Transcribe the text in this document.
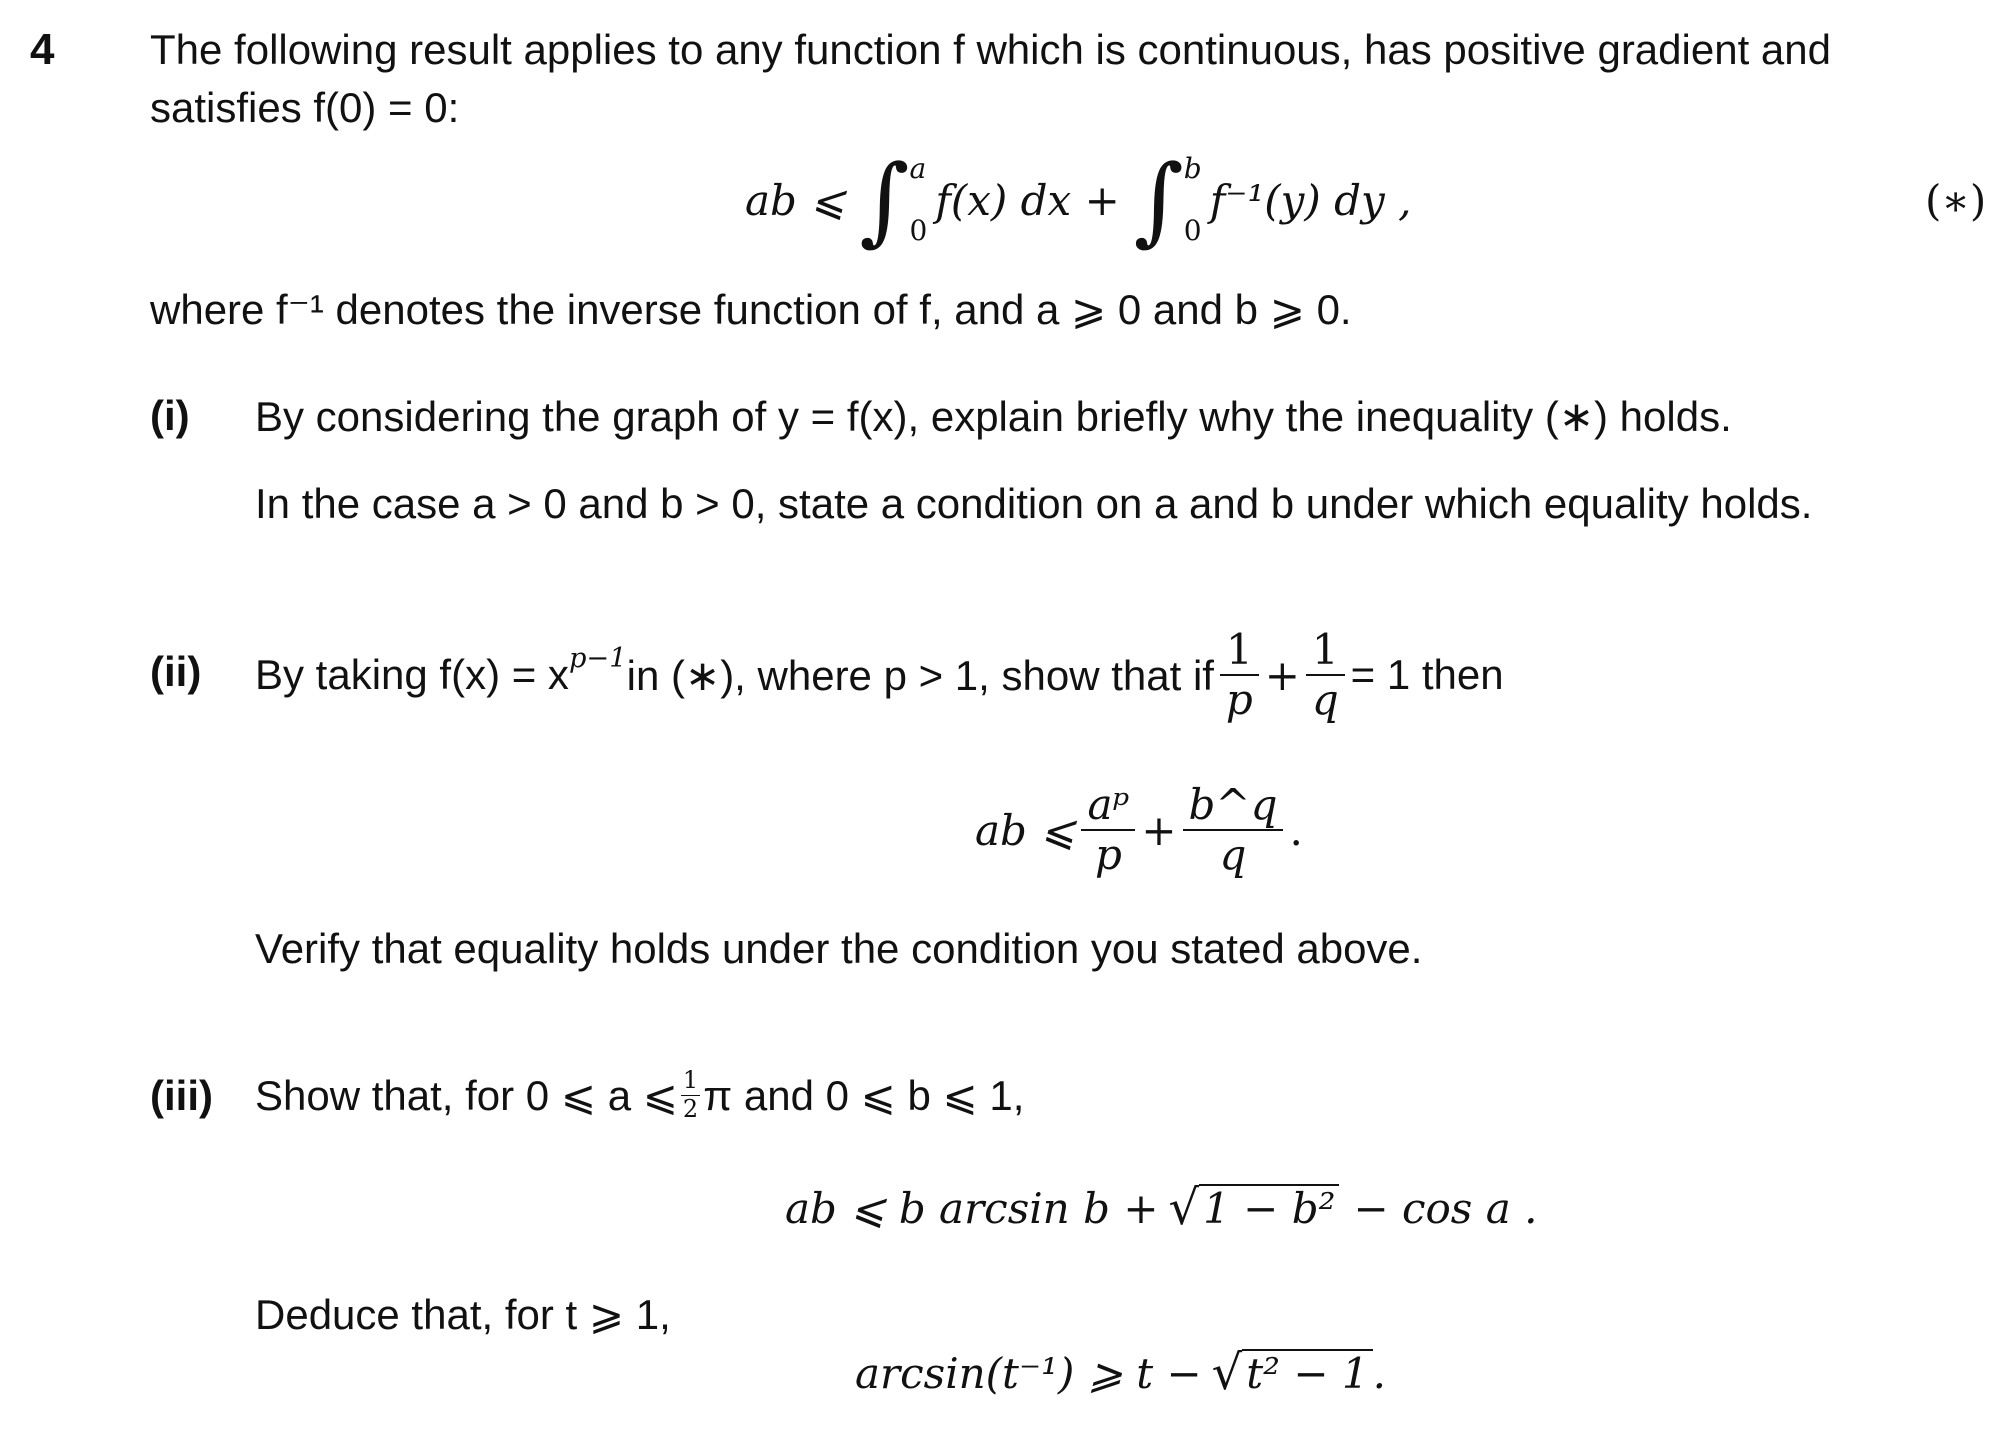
4 The following result applies to any function f which is continuous, has positive gradient and
satisfies f(0) = 0:
ab ⩽ ∫ a
0
f(x) dx + ∫ b
0
f⁻¹(y) dy ,	(∗)
where f⁻¹ denotes the inverse function of f, and a ⩾ 0 and b ⩾ 0.
(i) By considering the graph of y = f(x), explain briefly why the inequality (∗) holds.
In the case a > 0 and b > 0, state a condition on a and b under which equality holds.
(ii) By taking $f(x) = x^{p-1}$ in (∗), where p > 1, show that if $\frac{1}{p} + \frac{1}{q} = 1$ then
ab ⩽ $\frac{\text{aᵖ}}{p} + \frac{b\^{}q}{q}$ .
Verify that equality holds under the condition you stated above.
(iii) Show that, for 0 ⩽ a ⩽ $\frac{1}{2}$ π and 0 ⩽ b ⩽ 1,
ab ⩽ b arcsin b + √ 1 − b² − cos a .
Deduce that, for t ⩾ 1,
arcsin(t⁻¹) ⩾ t − √ t² − 1 .
